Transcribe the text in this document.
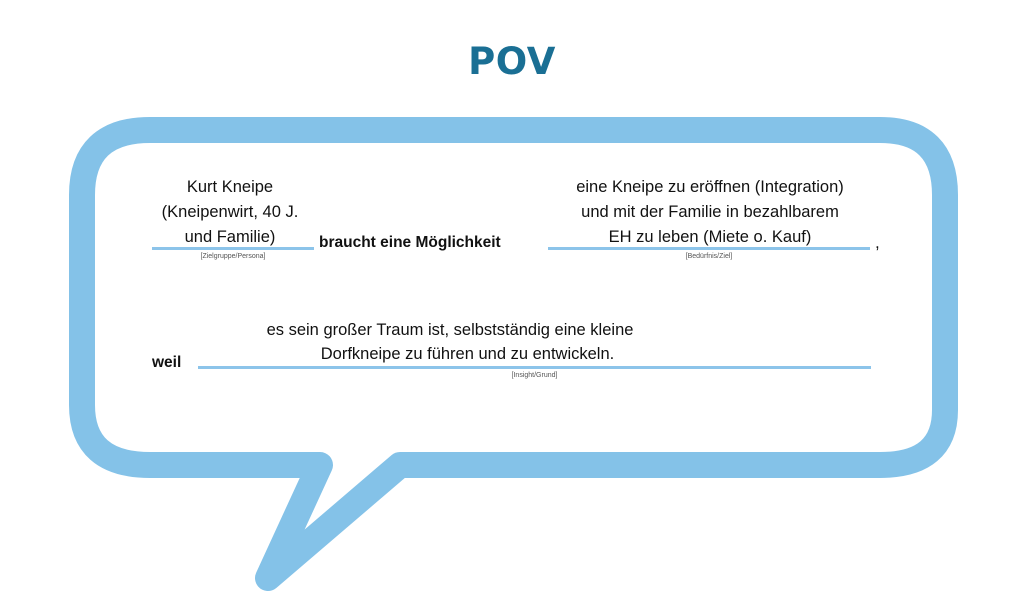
POV
Kurt Kneipe
(Kneipenwirt, 40 J.
und Familie)
[Zielgruppe/Persona]
braucht eine Möglichkeit
eine Kneipe zu eröffnen (Integration)
und mit der Familie in bezahlbarem
EH zu leben (Miete o. Kauf)
[Bedürfnis/Ziel]
,
weil
es sein großer Traum ist, selbstständig eine kleine
Dorfkneipe zu führen und zu entwickeln.
[Insight/Grund]
